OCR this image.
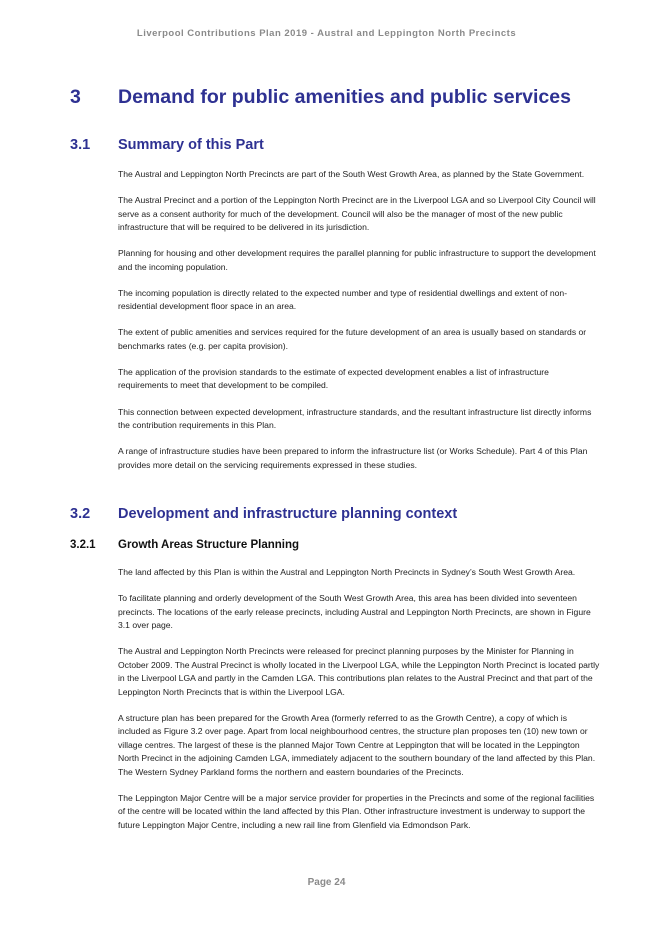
Liverpool Contributions Plan 2019 - Austral and Leppington North Precincts
3 Demand for public amenities and public services
3.1 Summary of this Part

The Austral and Leppington North Precincts are part of the South West Growth Area, as planned by the State Government.

The Austral Precinct and a portion of the Leppington North Precinct are in the Liverpool LGA and so Liverpool City Council will serve as a consent authority for much of the development. Council will also be the manager of most of the new public infrastructure that will be required to be delivered in its jurisdiction.

Planning for housing and other development requires the parallel planning for public infrastructure to support the development and the incoming population.

The incoming population is directly related to the expected number and type of residential dwellings and extent of non-residential development floor space in an area.

The extent of public amenities and services required for the future development of an area is usually based on standards or benchmarks rates (e.g. per capita provision).

The application of the provision standards to the estimate of expected development enables a list of infrastructure requirements to meet that development to be compiled.

This connection between expected development, infrastructure standards, and the resultant infrastructure list directly informs the contribution requirements in this Plan.

A range of infrastructure studies have been prepared to inform the infrastructure list (or Works Schedule). Part 4 of this Plan provides more detail on the servicing requirements expressed in these studies.

3.2 Development and infrastructure planning context
3.2.1 Growth Areas Structure Planning

The land affected by this Plan is within the Austral and Leppington North Precincts in Sydney’s South West Growth Area.

To facilitate planning and orderly development of the South West Growth Area, this area has been divided into seventeen precincts. The locations of the early release precincts, including Austral and Leppington North Precincts, are shown in Figure 3.1 over page.

The Austral and Leppington North Precincts were released for precinct planning purposes by the Minister for Planning in October 2009. The Austral Precinct is wholly located in the Liverpool LGA, while the Leppington North Precinct is located partly in the Liverpool LGA and partly in the Camden LGA. This contributions plan relates to the Austral Precinct and that part of the Leppington North Precincts that is within the Liverpool LGA.

A structure plan has been prepared for the Growth Area (formerly referred to as the Growth Centre), a copy of which is included as Figure 3.2 over page. Apart from local neighbourhood centres, the structure plan proposes ten (10) new town or village centres. The largest of these is the planned Major Town Centre at Leppington that will be located in the Leppington North Precinct in the adjoining Camden LGA, immediately adjacent to the southern boundary of the land affected by this Plan. The Western Sydney Parkland forms the northern and eastern boundaries of the Precincts.

The Leppington Major Centre will be a major service provider for properties in the Precincts and some of the regional facilities of the centre will be located within the land affected by this Plan. Other infrastructure investment is underway to support the future Leppington Major Centre, including a new rail line from Glenfield via Edmondson Park.

Page 24
